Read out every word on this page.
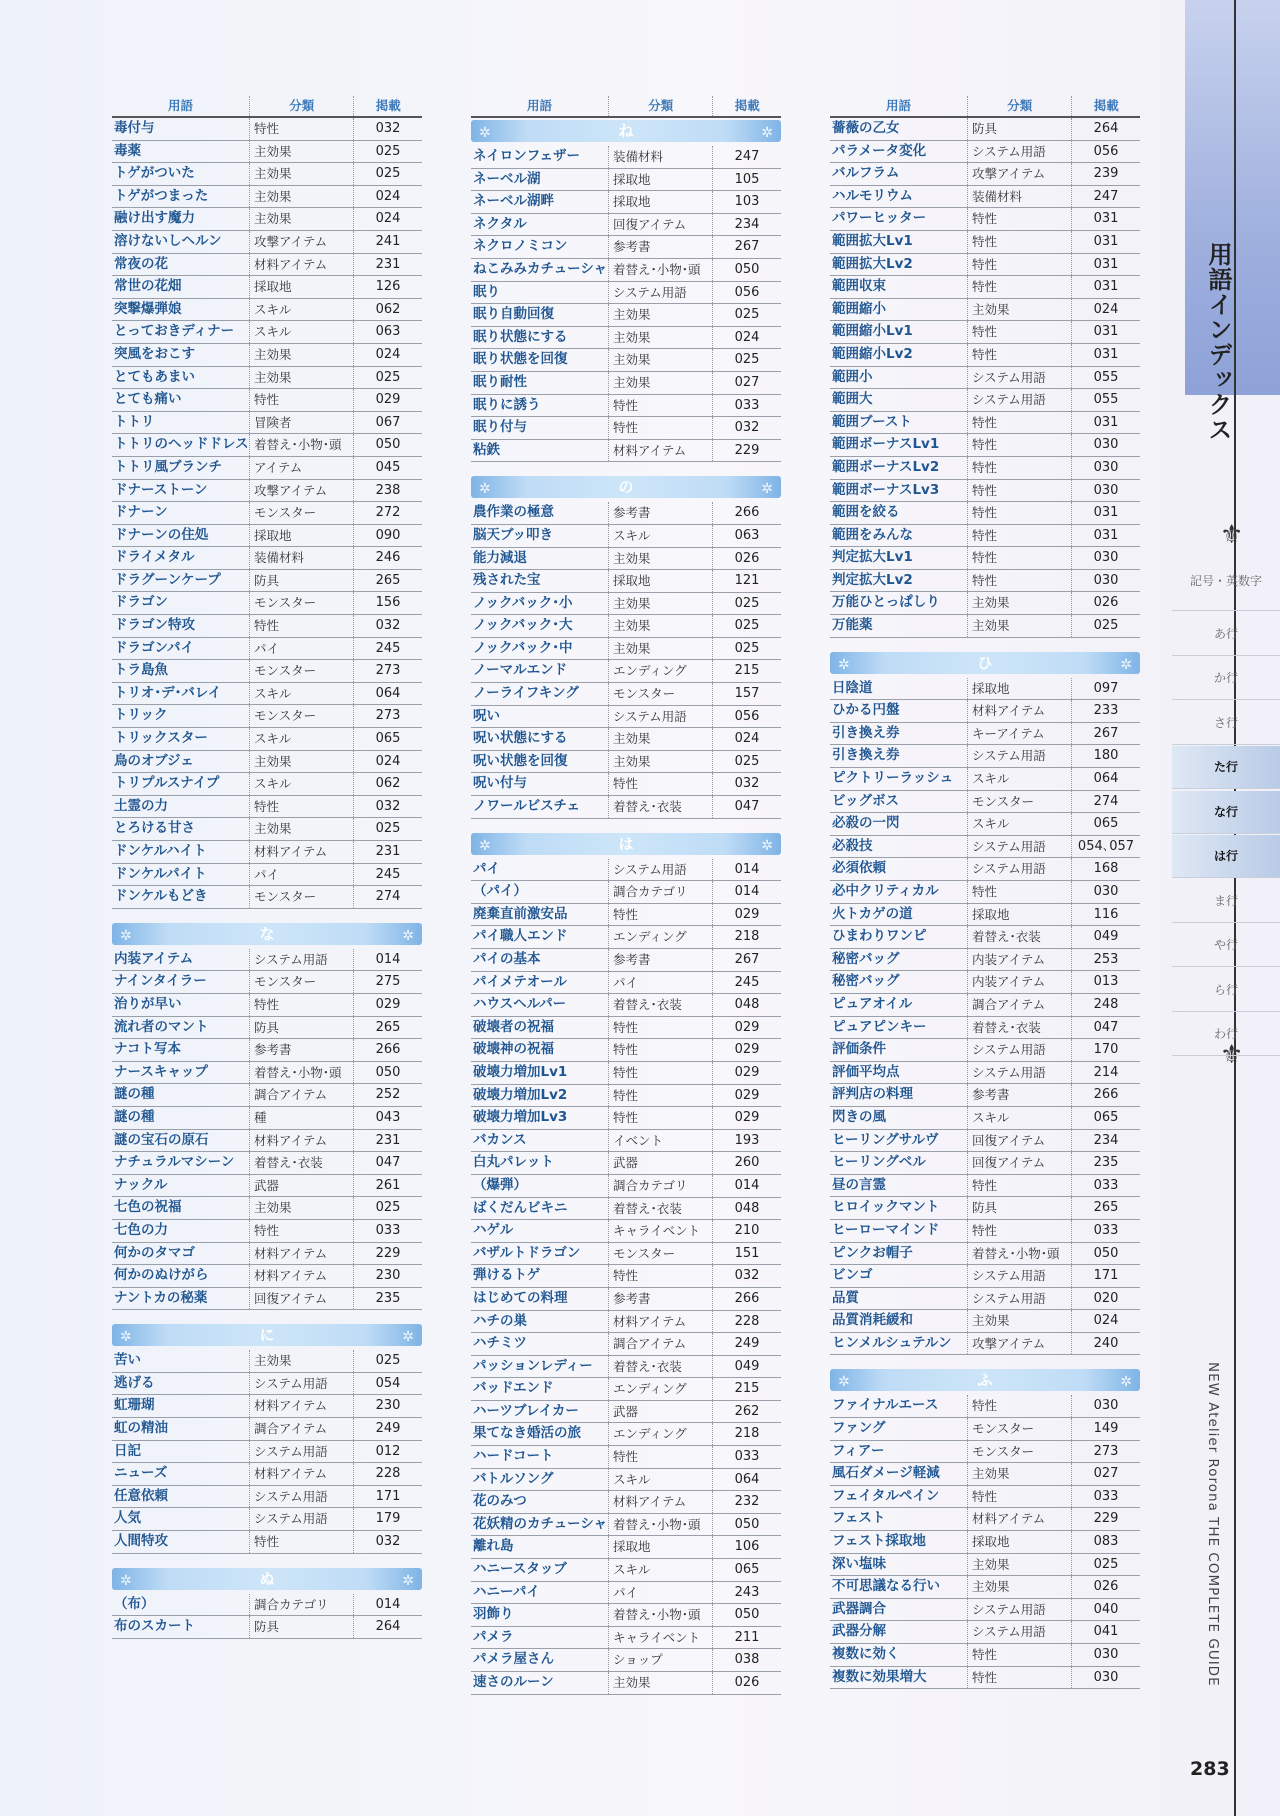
用語インデックス
⚜
⚜
記号・英数字
あ行
か行
さ行
た行
な行
は行
ま行
や行
ら行
わ行
NEW Atelier Rorona THE COMPLETE GUIDE
283
用語	分類	掲載
毒付与	特性	032
毒薬	主効果	025
トゲがついた	主効果	025
トゲがつまった	主効果	024
融け出す魔力	主効果	024
溶けないしヘルン	攻撃アイテム	241
常夜の花	材料アイテム	231
常世の花畑	採取地	126
突撃爆弾娘	スキル	062
とっておきディナー	スキル	063
突風をおこす	主効果	024
とてもあまい	主効果	025
とても痛い	特性	029
トトリ	冒険者	067
トトリのヘッドドレス 着替え･小物･頭	050
トトリ風ブランチ	アイテム	045
ドナーストーン	攻撃アイテム	238
ドナーン	モンスター	272
ドナーンの住処	採取地	090
ドライメタル	装備材料	246
ドラグーンケープ	防具	265
ドラゴン	モンスター	156
ドラゴン特攻	特性	032
ドラゴンパイ	パイ	245
トラ島魚	モンスター	273
トリオ･デ･バレイ	スキル	064
トリック	モンスター	273
トリックスター	スキル	065
鳥のオブジェ	主効果	024
トリプルスナイプ	スキル	062
土霊の力	特性	032
とろける甘さ	主効果	025
ドンケルハイト	材料アイテム	231
ドンケルパイト	パイ	245
ドンケルもどき	モンスター	274
✲	な	✲
内装アイテム	システム用語	014
ナインタイラー	モンスター	275
治りが早い	特性	029
流れ者のマント	防具	265
ナコト写本	参考書	266
ナースキャップ	着替え･小物･頭	050
謎の種	調合アイテム	252
謎の種	種	043
謎の宝石の原石	材料アイテム	231
ナチュラルマシーン	着替え･衣装	047
ナックル	武器	261
七色の祝福	主効果	025
七色の力	特性	033
何かのタマゴ	材料アイテム	229
何かのぬけがら	材料アイテム	230
ナントカの秘薬	回復アイテム	235
✲	に	✲
苦い	主効果	025
逃げる	システム用語	054
虹珊瑚	材料アイテム	230
虹の精油	調合アイテム	249
日記	システム用語	012
ニューズ	材料アイテム	228
任意依頼	システム用語	171
人気	システム用語	179
人間特攻	特性	032
✲	ぬ	✲
（布）	調合カテゴリ	014
布のスカート	防具	264
用語	分類	掲載
✲	ね	✲
ネイロンフェザー	装備材料	247
ネーベル湖	採取地	105
ネーベル湖畔	採取地	103
ネクタル	回復アイテム	234
ネクロノミコン	参考書	267
ねこみみカチューシャ 着替え･小物･頭	050
眠り	システム用語	056
眠り自動回復	主効果	025
眠り状態にする	主効果	024
眠り状態を回復	主効果	025
眠り耐性	主効果	027
眠りに誘う	特性	033
眠り付与	特性	032
粘鉄	材料アイテム	229
✲	の	✲
農作業の極意	参考書	266
脳天ブッ叩き	スキル	063
能力減退	主効果	026
残された宝	採取地	121
ノックバック･小	主効果	025
ノックバック･大	主効果	025
ノックバック･中	主効果	025
ノーマルエンド	エンディング	215
ノーライフキング	モンスター	157
呪い	システム用語	056
呪い状態にする	主効果	024
呪い状態を回復	主効果	025
呪い付与	特性	032
ノワールビスチェ	着替え･衣装	047
✲	は	✲
パイ	システム用語	014
（パイ）	調合カテゴリ	014
廃棄直前激安品	特性	029
パイ職人エンド	エンディング	218
パイの基本	参考書	267
パイメテオール	パイ	245
ハウスヘルパー	着替え･衣装	048
破壊者の祝福	特性	029
破壊神の祝福	特性	029
破壊力増加Lv1	特性	029
破壊力増加Lv2	特性	029
破壊力増加Lv3	特性	029
バカンス	イベント	193
白丸パレット	武器	260
（爆弾）	調合カテゴリ	014
ばくだんビキニ	着替え･衣装	048
ハゲル	キャライベント	210
バザルトドラゴン	モンスター	151
弾けるトゲ	特性	032
はじめての料理	参考書	266
ハチの巣	材料アイテム	228
ハチミツ	調合アイテム	249
パッションレディー	着替え･衣装	049
バッドエンド	エンディング	215
ハーツブレイカー	武器	262
果てなき婚活の旅	エンディング	218
ハードコート	特性	033
バトルソング	スキル	064
花のみつ	材料アイテム	232
花妖精のカチューシャ 着替え･小物･頭	050
離れ島	採取地	106
ハニースタッブ	スキル	065
ハニーパイ	パイ	243
羽飾り	着替え･小物･頭	050
パメラ	キャライベント	211
パメラ屋さん	ショップ	038
速さのルーン	主効果	026
用語	分類	掲載
薔薇の乙女	防具	264
パラメータ変化	システム用語	056
バルフラム	攻撃アイテム	239
ハルモリウム	装備材料	247
パワーヒッター	特性	031
範囲拡大Lv1	特性	031
範囲拡大Lv2	特性	031
範囲収束	特性	031
範囲縮小	主効果	024
範囲縮小Lv1	特性	031
範囲縮小Lv2	特性	031
範囲小	システム用語	055
範囲大	システム用語	055
範囲ブースト	特性	031
範囲ボーナスLv1	特性	030
範囲ボーナスLv2	特性	030
範囲ボーナスLv3	特性	030
範囲を絞る	特性	031
範囲をみんな	特性	031
判定拡大Lv1	特性	030
判定拡大Lv2	特性	030
万能ひとっぱしり	主効果	026
万能薬	主効果	025
✲	ひ	✲
日陰道	採取地	097
ひかる円盤	材料アイテム	233
引き換え券	キーアイテム	267
引き換え券	システム用語	180
ピクトリーラッシュ	スキル	064
ビッグボス	モンスター	274
必殺の一閃	スキル	065
必殺技	システム用語	054､057
必須依頼	システム用語	168
必中クリティカル	特性	030
火トカゲの道	採取地	116
ひまわりワンピ	着替え･衣装	049
秘密バッグ	内装アイテム	253
秘密バッグ	内装アイテム	013
ピュアオイル	調合アイテム	248
ピュアピンキー	着替え･衣装	047
評価条件	システム用語	170
評価平均点	システム用語	214
評判店の料理	参考書	266
閃きの風	スキル	065
ヒーリングサルヴ	回復アイテム	234
ヒーリングベル	回復アイテム	235
昼の言霊	特性	033
ヒロイックマント	防具	265
ヒーローマインド	特性	033
ピンクお帽子	着替え･小物･頭	050
ビンゴ	システム用語	171
品質	システム用語	020
品質消耗緩和	主効果	024
ヒンメルシュテルン	攻撃アイテム	240
✲	ふ	✲
ファイナルエース	特性	030
ファング	モンスター	149
フィアー	モンスター	273
風石ダメージ軽減	主効果	027
フェイタルペイン	特性	033
フェスト	材料アイテム	229
フェスト採取地	採取地	083
深い塩味	主効果	025
不可思議なる行い	主効果	026
武器調合	システム用語	040
武器分解	システム用語	041
複数に効く	特性	030
複数に効果増大	特性	030
